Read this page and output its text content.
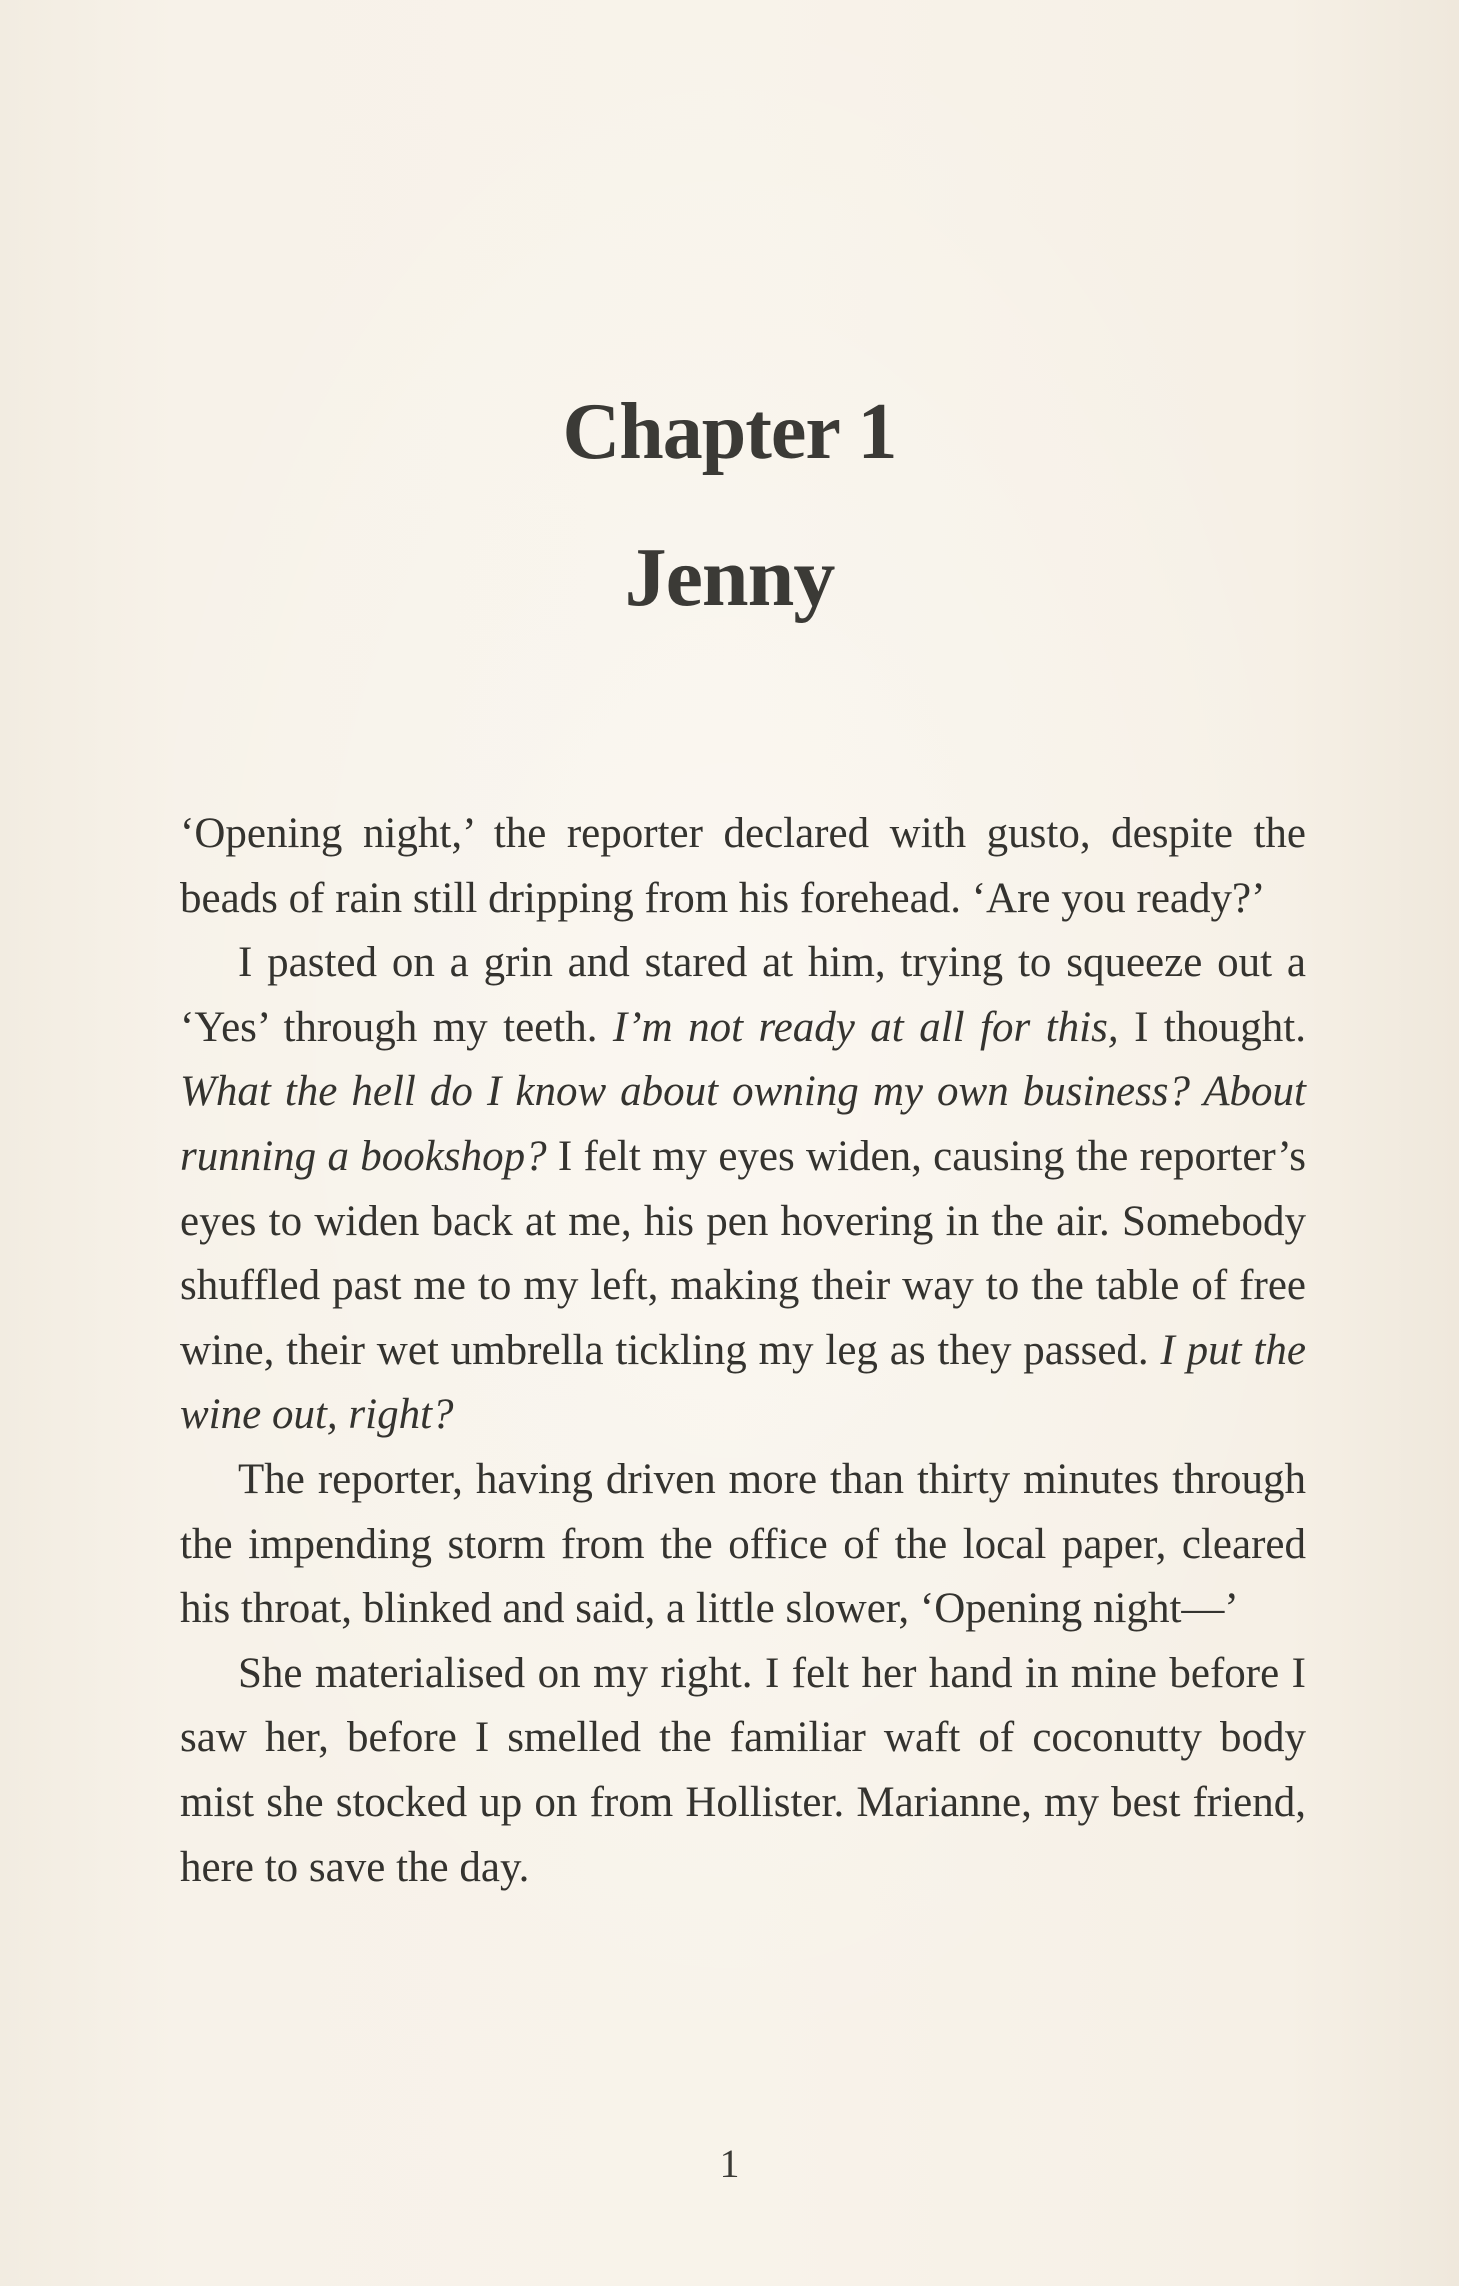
Chapter 1
Jenny

‘Opening night,’ the reporter declared with gusto, despite the beads of rain still dripping from his forehead. ‘Are you ready?’

I pasted on a grin and stared at him, trying to squeeze out a ‘Yes’ through my teeth. I’m not ready at all for this, I thought. What the hell do I know about owning my own business? About running a bookshop? I felt my eyes widen, causing the reporter’s eyes to widen back at me, his pen hovering in the air. Somebody shuffled past me to my left, making their way to the table of free wine, their wet umbrella tickling my leg as they passed. I put the wine out, right?

The reporter, having driven more than thirty minutes through the impending storm from the office of the local paper, cleared his throat, blinked and said, a little slower, ‘Opening night—’

She materialised on my right. I felt her hand in mine before I saw her, before I smelled the familiar waft of coconutty body mist she stocked up on from Hollister. Marianne, my best friend, here to save the day.

1
